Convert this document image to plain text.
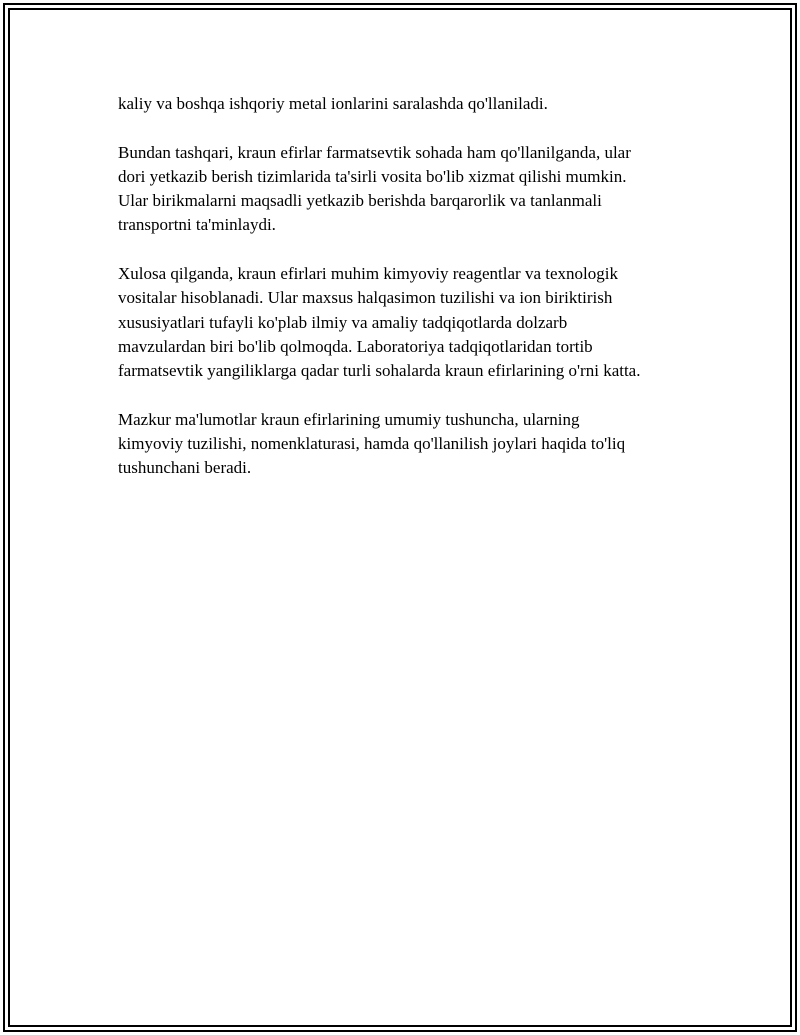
kaliy va boshqa ishqoriy metal ionlarini saralashda qo'llaniladi.

Bundan tashqari, kraun efirlar farmatsevtik sohada ham qo'llanilganda, ular
dori yetkazib berish tizimlarida ta'sirli vosita bo'lib xizmat qilishi mumkin.
Ular birikmalarni maqsadli yetkazib berishda barqarorlik va tanlanmali
transportni ta'minlaydi.

Xulosa qilganda, kraun efirlari muhim kimyoviy reagentlar va texnologik
vositalar hisoblanadi. Ular maxsus halqasimon tuzilishi va ion biriktirish
xususiyatlari tufayli ko'plab ilmiy va amaliy tadqiqotlarda dolzarb
mavzulardan biri bo'lib qolmoqda. Laboratoriya tadqiqotlaridan tortib
farmatsevtik yangiliklarga qadar turli sohalarda kraun efirlarining o'rni katta.

Mazkur ma'lumotlar kraun efirlarining umumiy tushuncha, ularning
kimyoviy tuzilishi, nomenklaturasi, hamda qo'llanilish joylari haqida to'liq
tushunchani beradi.
